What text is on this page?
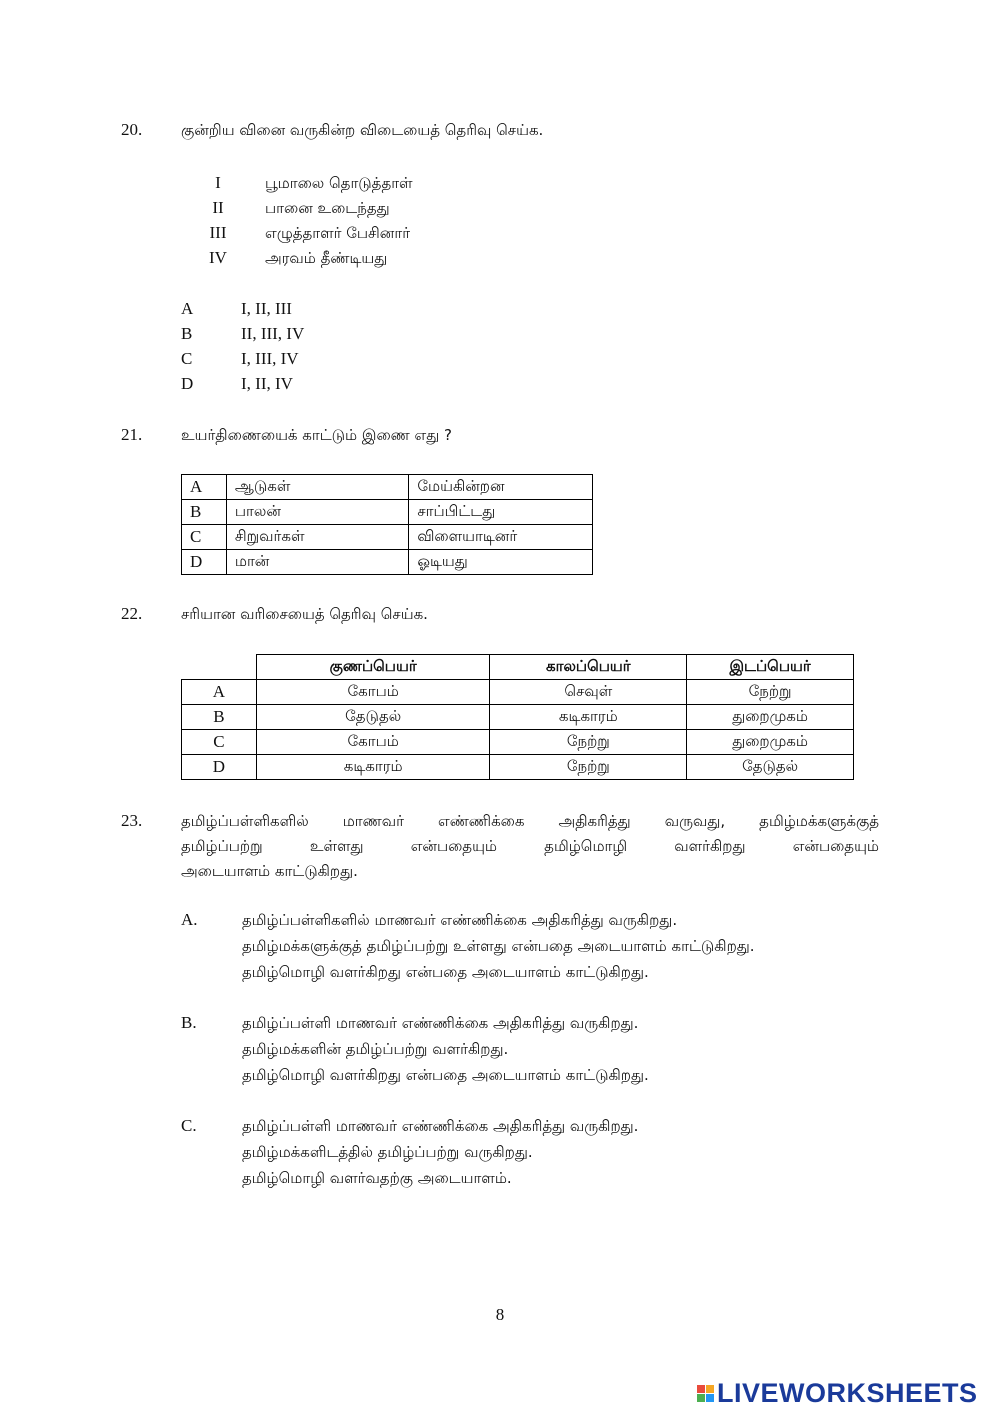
20.	குன்றிய வினை வருகின்ற விடையைத் தெரிவு செய்க.
I	பூமாலை தொடுத்தாள்
II	பானை உடைந்தது
III	எழுத்தாளர் பேசினார்
IV	அரவம் தீண்டியது
A	I, II, III
B	II, III, IV
C	I, III, IV
D	I, II, IV
21.	உயர்திணையைக் காட்டும் இணை எது ?
A	ஆடுகள்	மேய்கின்றன
B	பாலன்	சாப்பிட்டது
C	சிறுவர்கள்	விளையாடினர்
D	மான்	ஓடியது
22.	சரியான வரிசையைத் தெரிவு செய்க.
	குணப்பெயர்	காலப்பெயர்	இடப்பெயர்
A	கோபம்	செவுள்	நேற்று
B	தேடுதல்	கடிகாரம்	துறைமுகம்
C	கோபம்	நேற்று	துறைமுகம்
D	கடிகாரம்	நேற்று	தேடுதல்
23.	தமிழ்ப்பள்ளிகளில் மாணவர் எண்ணிக்கை அதிகரித்து வருவது, தமிழ்மக்களுக்குத்
தமிழ்ப்பற்று உள்ளது என்பதையும் தமிழ்மொழி வளர்கிறது என்பதையும்
அடையாளம் காட்டுகிறது.
A.	தமிழ்ப்பள்ளிகளில் மாணவர் எண்ணிக்கை அதிகரித்து வருகிறது.
தமிழ்மக்களுக்குத் தமிழ்ப்பற்று உள்ளது என்பதை அடையாளம் காட்டுகிறது.
தமிழ்மொழி வளர்கிறது என்பதை அடையாளம் காட்டுகிறது.
B.	தமிழ்ப்பள்ளி மாணவர் எண்ணிக்கை அதிகரித்து வருகிறது.
தமிழ்மக்களின் தமிழ்ப்பற்று வளர்கிறது.
தமிழ்மொழி வளர்கிறது என்பதை அடையாளம் காட்டுகிறது.
C.	தமிழ்ப்பள்ளி மாணவர் எண்ணிக்கை அதிகரித்து வருகிறது.
தமிழ்மக்களிடத்தில் தமிழ்ப்பற்று வருகிறது.
தமிழ்மொழி வளர்வதற்கு அடையாளம்.
8
LIVEWORKSHEETS
